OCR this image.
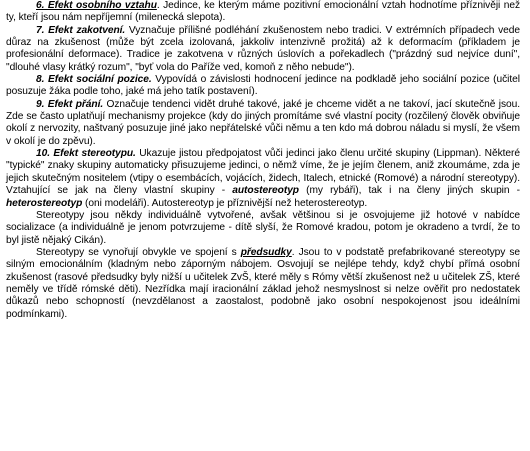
6. Efekt osobního vztahu. Jedince, ke kterým máme pozitivní emocionální vztah hodnotíme příznivěji než ty, kteří jsou nám nepříjemní (milenecká slepota).

7. Efekt zakotvení. Vyznačuje přílišné podléhání zkušenostem nebo tradici. V extrémních případech vede důraz na zkušenost (může být zcela izolovaná, jakkoliv intenzivně prožitá) až k deformacím (příkladem je profesionální deformace). Tradice je zakotvena v různých úslovích a pořekadlech ("prázdný sud nejvíce duní", "dlouhé vlasy krátký rozum", "byť vola do Paříže ved, komoň z něho nebude").

8. Efekt sociální pozice. Vypovídá o závislosti hodnocení jedince na podkladě jeho sociální pozice (učitel posuzuje žáka podle toho, jaké má jeho tatík postavení).

9. Efekt přání. Označuje tendenci vidět druhé takové, jaké je chceme vidět a ne takoví, jací skutečně jsou. Zde se často uplatňují mechanismy projekce (kdy do jiných promítáme své vlastní pocity (rozčilený člověk obviňuje okolí z nervozity, naštvaný posuzuje jiné jako nepřátelské vůči němu a ten kdo má dobrou náladu si myslí, že všem v okolí je do zpěvu).

10. Efekt stereotypu. Ukazuje jistou předpojatost vůči jedinci jako členu určité skupiny (Lippman). Některé "typické" znaky skupiny automaticky přisuzujeme jedinci, o němž víme, že je jejím členem, aniž zkoumáme, zda je jejich skutečným nositelem (vtipy o esembácích, vojácích, židech, Italech, etnické (Romové) a národní stereotypy). Vztahující se jak na členy vlastní skupiny - autostereotyp (my rybáři), tak i na členy jiných skupin - heterostereotyp (oni modeláři). Autostereotyp je příznivější než heterostereotyp.

Stereotypy jsou někdy individuálně vytvořené, avšak většinou si je osvojujeme již hotové v nabídce socializace (a individuálně je jenom potvrzujeme - dítě slyší, že Romové kradou, potom je okradeno a tvrdí, že to byl jistě nějaký Cikán).

Stereotypy se vynořují obvykle ve spojení s předsudky. Jsou to v podstatě prefabrikované stereotypy se silným emocionálním (kladným nebo záporným nábojem. Osvojují se nejlépe tehdy, když chybí přímá osobní zkušenost (rasové předsudky byly nižší u učitelek ZvŠ, které měly s Rómy větší zkušenost než u učitelek ZŠ, které neměly ve třídě rómské děti). Nezřídka mají iracionální základ jehož nesmyslnost si nelze ověřit pro nedostatek důkazů nebo schopností (nevzdělanost a zaostalost, podobně jako osobní nespokojenost jsou ideálními podmínkami).
